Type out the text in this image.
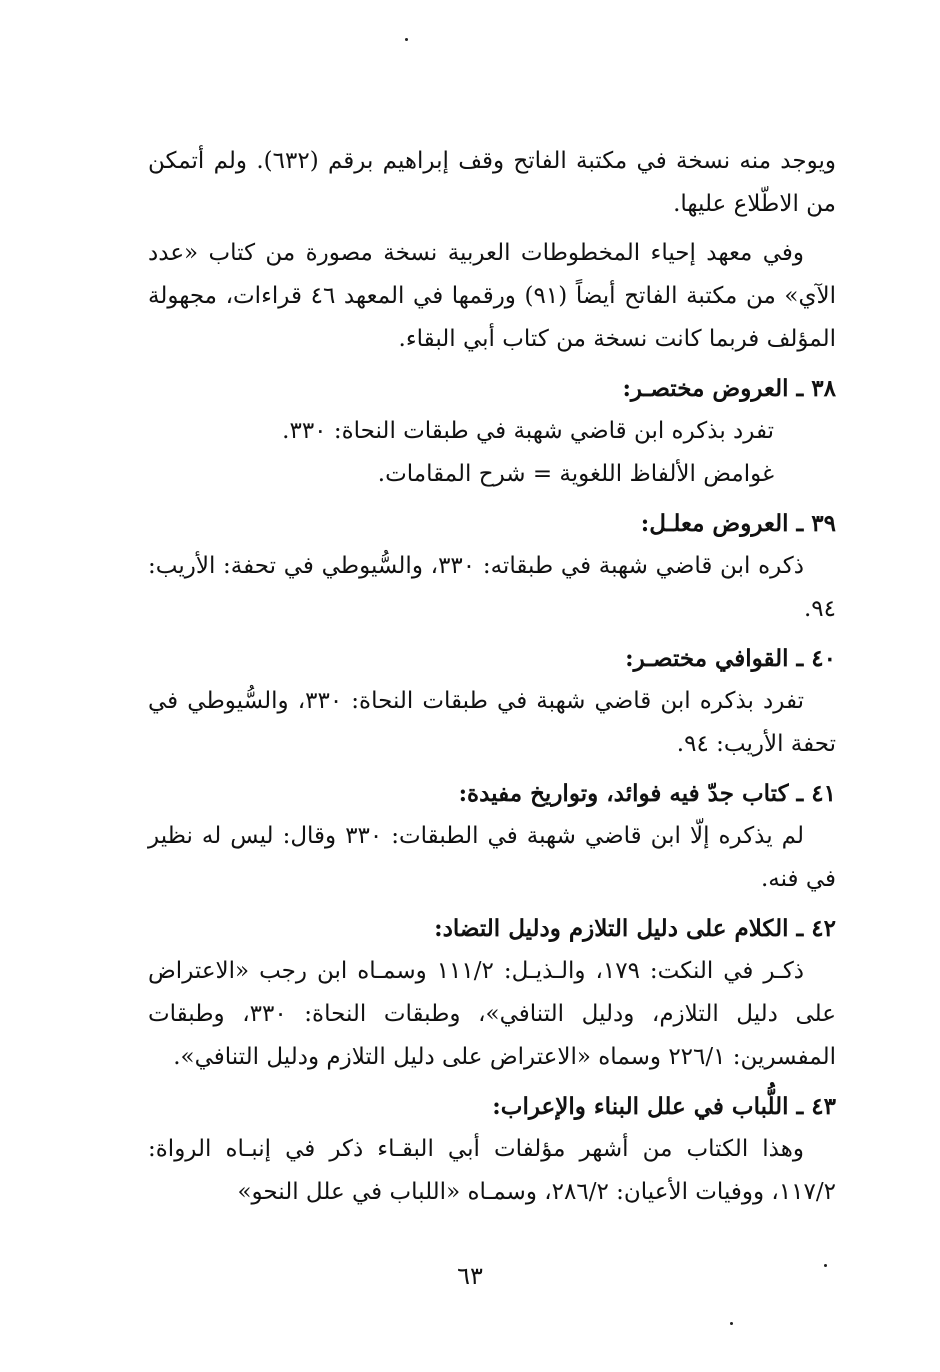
ويوجد منه نسخة في مكتبة الفاتح وقف إبراهيم برقم (٦٣٢). ولم أتمكن من الاطّلاع عليها.

وفي معهد إحياء المخطوطات العربية نسخة مصورة من كتاب «عدد الآي» من مكتبة الفاتح أيضاً (٩١) ورقمها في المعهد ٤٦ قراءات، مجهولة المؤلف فربما كانت نسخة من كتاب أبي البقاء.

٣٨ ـ العروض مختصـر:

تفرد بذكره ابن قاضي شهبة في طبقات النحاة: ٣٣٠.

غوامض الألفاظ اللغوية = شرح المقامات.

٣٩ ـ العروض معلـل:

ذكره ابن قاضي شهبة في طبقاته: ٣٣٠، والسُّيوطي في تحفة: الأريب: ٩٤.

٤٠ ـ القوافي مختصـر:

تفرد بذكره ابن قاضي شهبة في طبقات النحاة: ٣٣٠، والسُّيوطي في تحفة الأريب: ٩٤.

٤١ ـ كتاب جدّ فيه فوائد، وتواريخ مفيدة:

لم يذكره إلّا ابن قاضي شهبة في الطبقات: ٣٣٠ وقال: ليس له نظير في فنه.

٤٢ ـ الكلام على دليل التلازم ودليل التضاد:

ذكـر في النكت: ١٧٩، والـذيـل: ١١١/٢ وسمـاه ابن رجب «الاعتراض على دليل التلازم، ودليل التنافي»، وطبقات النحاة: ٣٣٠، وطبقات المفسرين: ٢٢٦/١ وسماه «الاعتراض على دليل التلازم ودليل التنافي».

٤٣ ـ اللُّباب في علل البناء والإعراب:

وهذا الكتاب من أشهر مؤلفات أبي البقـاء ذكر في إنبـاه الرواة: ١١٧/٢، ووفيات الأعيان: ٢٨٦/٢، وسمـاه «اللباب في علل النحو»

٦٣
